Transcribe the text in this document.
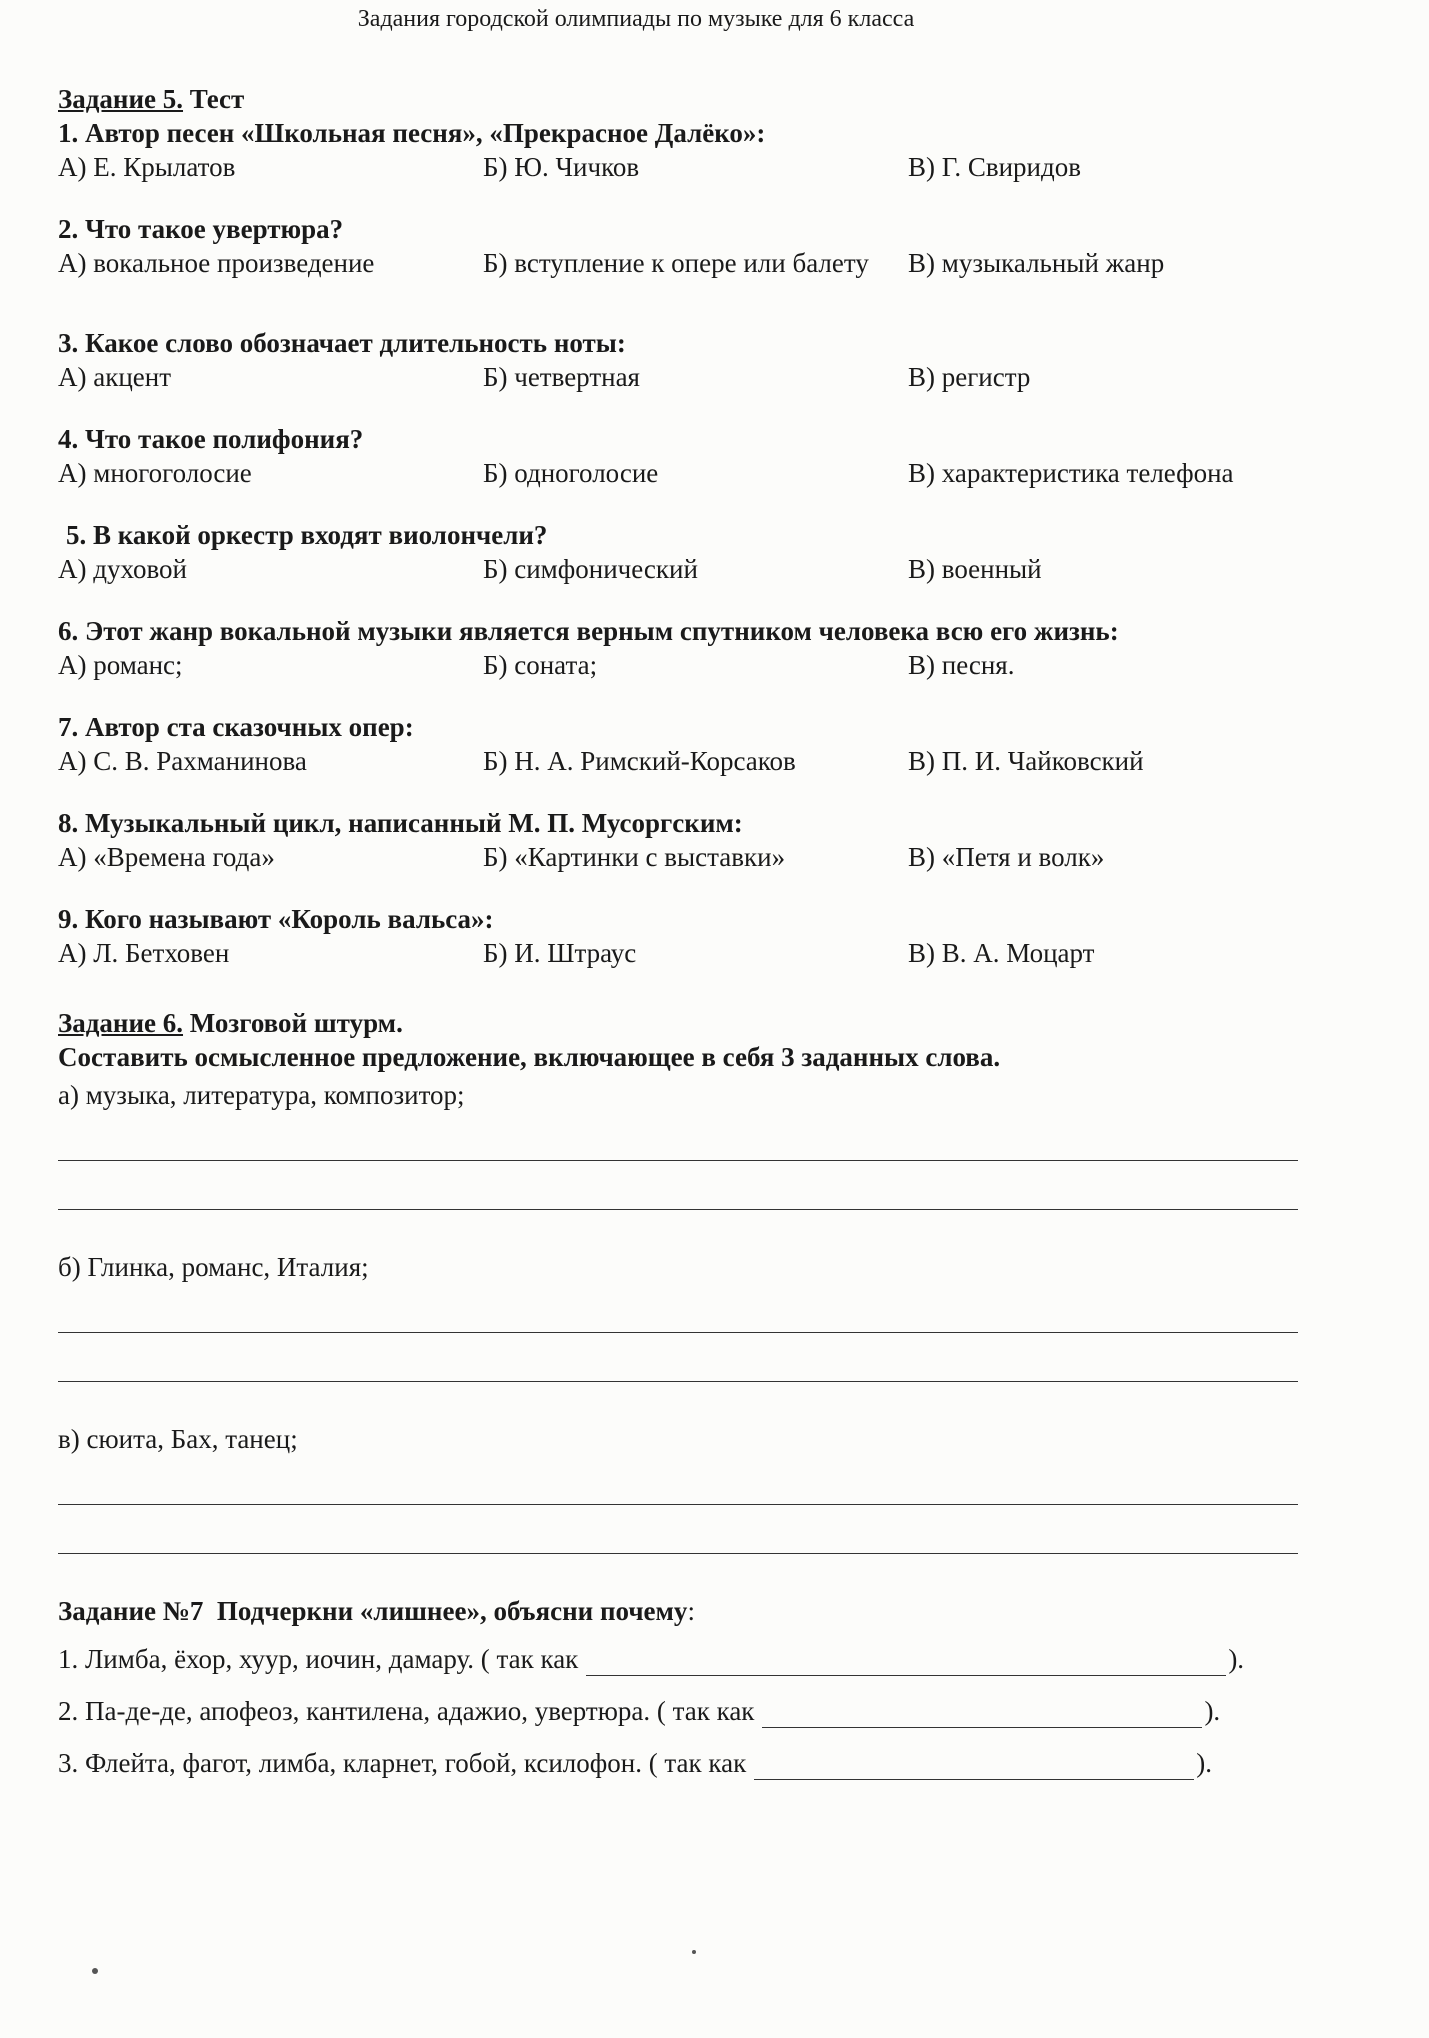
Задания городской олимпиады по музыке для 6 класса
Задание 5. Тест
1. Автор песен «Школьная песня», «Прекрасное Далёко»:
А) Е. Крылатов	Б) Ю. Чичков	В) Г. Свиридов
2. Что такое увертюра?
А) вокальное произведение	Б) вступление к опере или балету	В) музыкальный жанр
3. Какое слово обозначает длительность ноты:
А) акцент	Б) четвертная	В) регистр
4. Что такое полифония?
А) многоголосие	Б) одноголосие	В) характеристика телефона
5. В какой оркестр входят виолончели?
А) духовой	Б) симфонический	В) военный
6. Этот жанр вокальной музыки является верным спутником человека всю его жизнь:
А) романс;	Б) соната;	В) песня.
7. Автор ста сказочных опер:
А) С. В. Рахманинова	Б) Н. А. Римский-Корсаков	В) П. И. Чайковский
8. Музыкальный цикл, написанный М. П. Мусоргским:
А) «Времена года»	Б) «Картинки с выставки»	В) «Петя и волк»
9. Кого называют «Король вальса»:
А) Л. Бетховен	Б) И. Штраус	В) В. А. Моцарт
Задание 6. Мозговой штурм.
Составить осмысленное предложение, включающее в себя 3 заданных слова.
а) музыка, литература, композитор;
б) Глинка, романс, Италия;
в) сюита, Бах, танец;
Задание №7 Подчеркни «лишнее», объясни почему:
1. Лимба, ёхор, хуур, иочин, дамару. ( так как	).
2. Па-де-де, апофеоз, кантилена, адажио, увертюра. ( так как	).
3. Флейта, фагот, лимба, кларнет, гобой, ксилофон. ( так как	).
